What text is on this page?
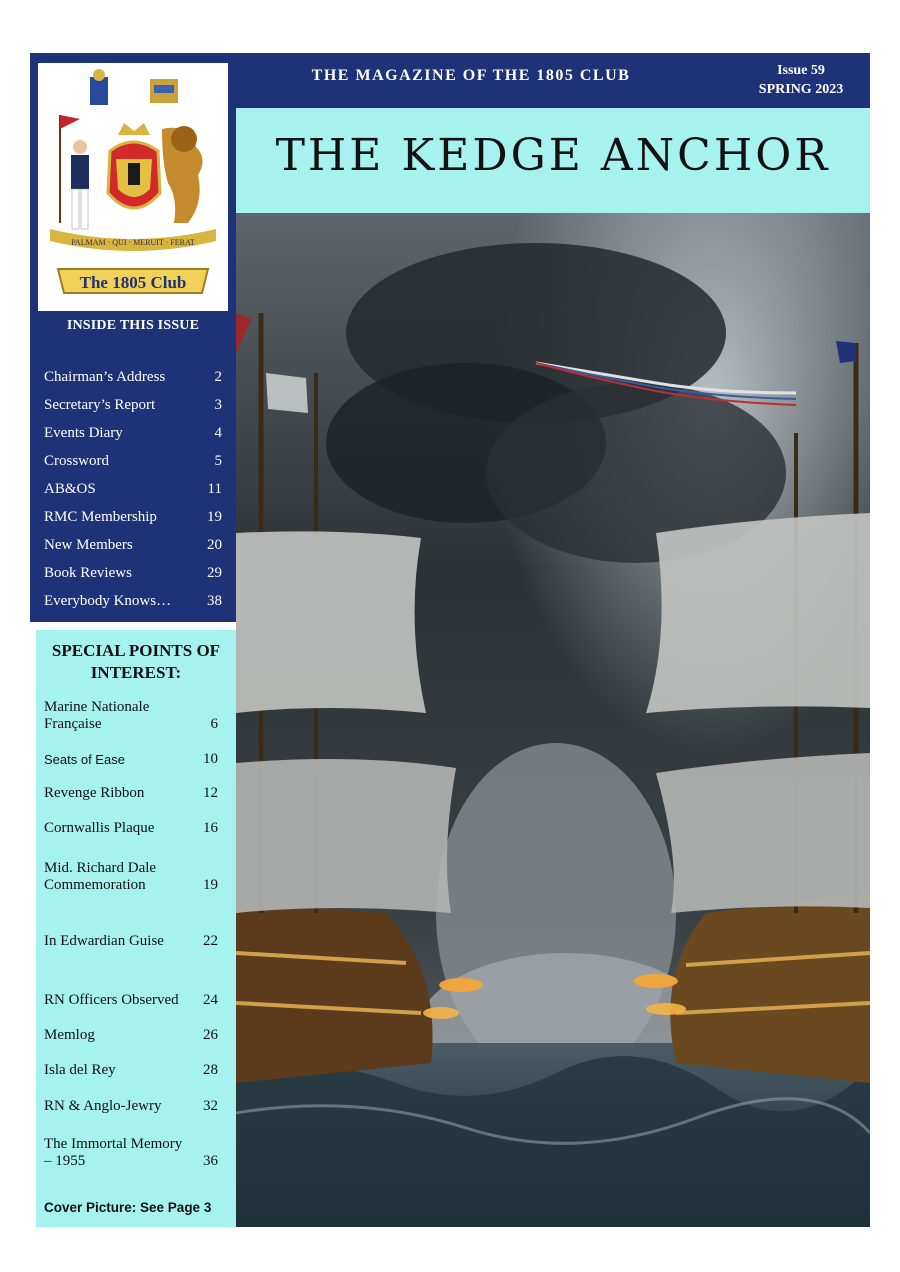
PALMAM · QUI · MERUIT · FERAT
The 1805 Club
INSIDE THIS ISSUE
Chairman’s Address	2
Secretary’s Report	3
Events Diary	4
Crossword	5
AB&OS	11
RMC Membership	19
New Members	20
Book Reviews	29
Everybody Knows…	38
SPECIAL POINTS OF
INTEREST:
Marine Nationale Française	6
Seats of Ease	10
Revenge Ribbon	12
Cornwallis Plaque	16
Mid. Richard Dale Commemoration	19
In Edwardian Guise	22
RN Officers Observed	24
Memlog	26
Isla del Rey	28
RN & Anglo-Jewry	32
The Immortal Memory – 1955	36
Cover Picture: See Page 3
THE MAGAZINE OF THE 1805 CLUB	Issue 59
SPRING 2023
THE KEDGE ANCHOR
